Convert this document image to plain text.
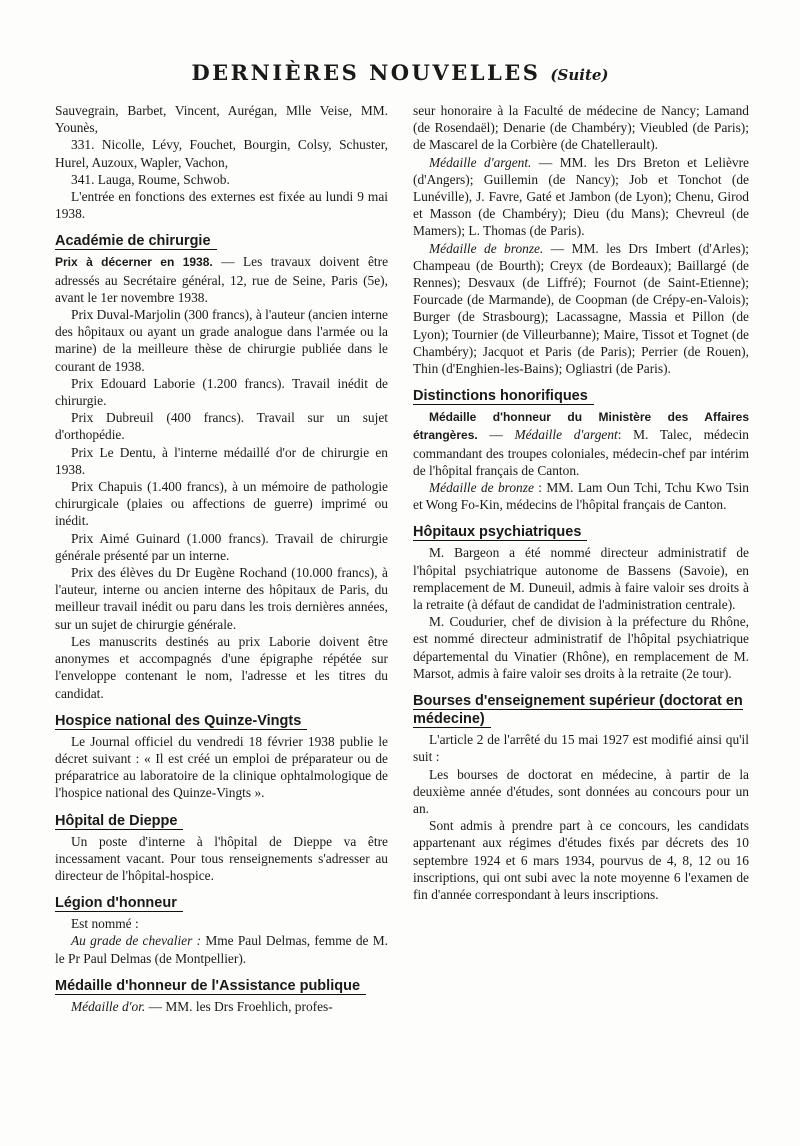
DERNIÈRES NOUVELLES (Suite)

Sauvegrain, Barbet, Vincent, Aurégan, Mlle Veise, MM. Younès,

331. Nicolle, Lévy, Fouchet, Bourgin, Colsy, Schuster, Hurel, Auzoux, Wapler, Vachon,

341. Lauga, Roume, Schwob.

L'entrée en fonctions des externes est fixée au lundi 9 mai 1938.

Académie de chirurgie

Prix à décerner en 1938. — Les travaux doivent être adressés au Secrétaire général, 12, rue de Seine, Paris (5e), avant le 1er novembre 1938.

Prix Duval-Marjolin (300 francs), à l'auteur (ancien interne des hôpitaux ou ayant un grade analogue dans l'armée ou la marine) de la meilleure thèse de chirurgie publiée dans le courant de 1938.

Prix Edouard Laborie (1.200 francs). Travail inédit de chirurgie.

Prix Dubreuil (400 francs). Travail sur un sujet d'orthopédie.

Prix Le Dentu, à l'interne médaillé d'or de chirurgie en 1938.

Prix Chapuis (1.400 francs), à un mémoire de pathologie chirurgicale (plaies ou affections de guerre) imprimé ou inédit.

Prix Aimé Guinard (1.000 francs). Travail de chirurgie générale présenté par un interne.

Prix des élèves du Dr Eugène Rochand (10.000 francs), à l'auteur, interne ou ancien interne des hôpitaux de Paris, du meilleur travail inédit ou paru dans les trois dernières années, sur un sujet de chirurgie générale.

Les manuscrits destinés au prix Laborie doivent être anonymes et accompagnés d'une épigraphe répétée sur l'enveloppe contenant le nom, l'adresse et les titres du candidat.

Hospice national des Quinze-Vingts

Le Journal officiel du vendredi 18 février 1938 publie le décret suivant : « Il est créé un emploi de préparateur ou de préparatrice au laboratoire de la clinique ophtalmologique de l'hospice national des Quinze-Vingts ».

Hôpital de Dieppe

Un poste d'interne à l'hôpital de Dieppe va être incessament vacant. Pour tous renseignements s'adresser au directeur de l'hôpital-hospice.

Légion d'honneur

Est nommé :

Au grade de chevalier : Mme Paul Delmas, femme de M. le Pr Paul Delmas (de Montpellier).

Médaille d'honneur de l'Assistance publique

Médaille d'or. — MM. les Drs Froehlich, profes-

seur honoraire à la Faculté de médecine de Nancy; Lamand (de Rosendaël); Denarie (de Chambéry); Vieubled (de Paris); de Mascarel de la Corbière (de Chatellerault).

Médaille d'argent. — MM. les Drs Breton et Lelièvre (d'Angers); Guillemin (de Nancy); Job et Tonchot (de Lunéville), J. Favre, Gaté et Jambon (de Lyon); Chenu, Girod et Masson (de Chambéry); Dieu (du Mans); Chevreul (de Mamers); L. Thomas (de Paris).

Médaille de bronze. — MM. les Drs Imbert (d'Arles); Champeau (de Bourth); Creyx (de Bordeaux); Baillargé (de Rennes); Desvaux (de Liffré); Fournot (de Saint-Etienne); Fourcade (de Marmande), de Coopman (de Crépy-en-Valois); Burger (de Strasbourg); Lacassagne, Massia et Pillon (de Lyon); Tournier (de Villeurbanne); Maire, Tissot et Tognet (de Chambéry); Jacquot et Paris (de Paris); Perrier (de Rouen), Thin (d'Enghien-les-Bains); Ogliastri (de Paris).

Distinctions honorifiques

Médaille d'honneur du Ministère des Affaires étrangères. — Médaille d'argent: M. Talec, médecin commandant des troupes coloniales, médecin-chef par intérim de l'hôpital français de Canton.

Médaille de bronze : MM. Lam Oun Tchi, Tchu Kwo Tsin et Wong Fo-Kin, médecins de l'hôpital français de Canton.

Hôpitaux psychiatriques

M. Bargeon a été nommé directeur administratif de l'hôpital psychiatrique autonome de Bassens (Savoie), en remplacement de M. Duneuil, admis à faire valoir ses droits à la retraite (à défaut de candidat de l'administration centrale).

M. Coudurier, chef de division à la préfecture du Rhône, est nommé directeur administratif de l'hôpital psychiatrique départemental du Vinatier (Rhône), en remplacement de M. Marsot, admis à faire valoir ses droits à la retraite (2e tour).

Bourses d'enseignement supérieur (doctorat en médecine)

L'article 2 de l'arrêté du 15 mai 1927 est modifié ainsi qu'il suit :

Les bourses de doctorat en médecine, à partir de la deuxième année d'études, sont données au concours pour un an.

Sont admis à prendre part à ce concours, les candidats appartenant aux régimes d'études fixés par décrets des 10 septembre 1924 et 6 mars 1934, pourvus de 4, 8, 12 ou 16 inscriptions, qui ont subi avec la note moyenne 6 l'examen de fin d'année correspondant à leurs inscriptions.
